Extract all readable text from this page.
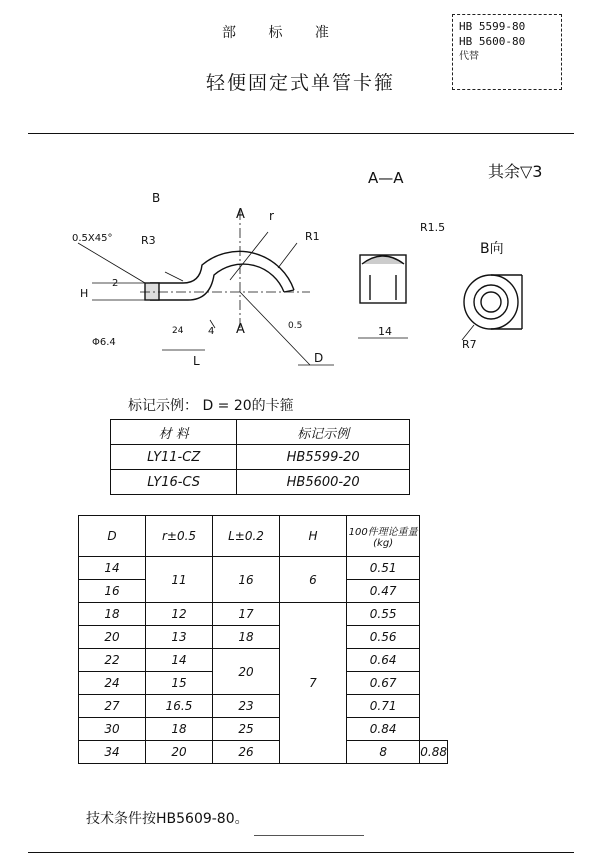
部 标 准
轻便固定式单管卡箍
HB 5599-80
HB 5600-80
代替
其余▽3
A—A
B向
B
A
A
r
R1
R3
R1.5
R7
0.5X45°
H
2
Φ6.4
24 4	0.5
L	D
14
标记示例： D = 20的卡箍
材 料	标记示例
LY11-CZ	HB5599-20
LY16-CS	HB5600-20
D	r±0.5	L±0.2	H	100件理论重量(kg)	
14	11	16	6	0.51	
16				0.47	
18	12	17	7	0.55	
20	13	18		0.56	
22	14	20		0.64	
24	15			0.67	
27	16.5	23		0.71	
30	18	25		0.84	
34	20	26		8	0.88
技术条件按HB5609-80。
